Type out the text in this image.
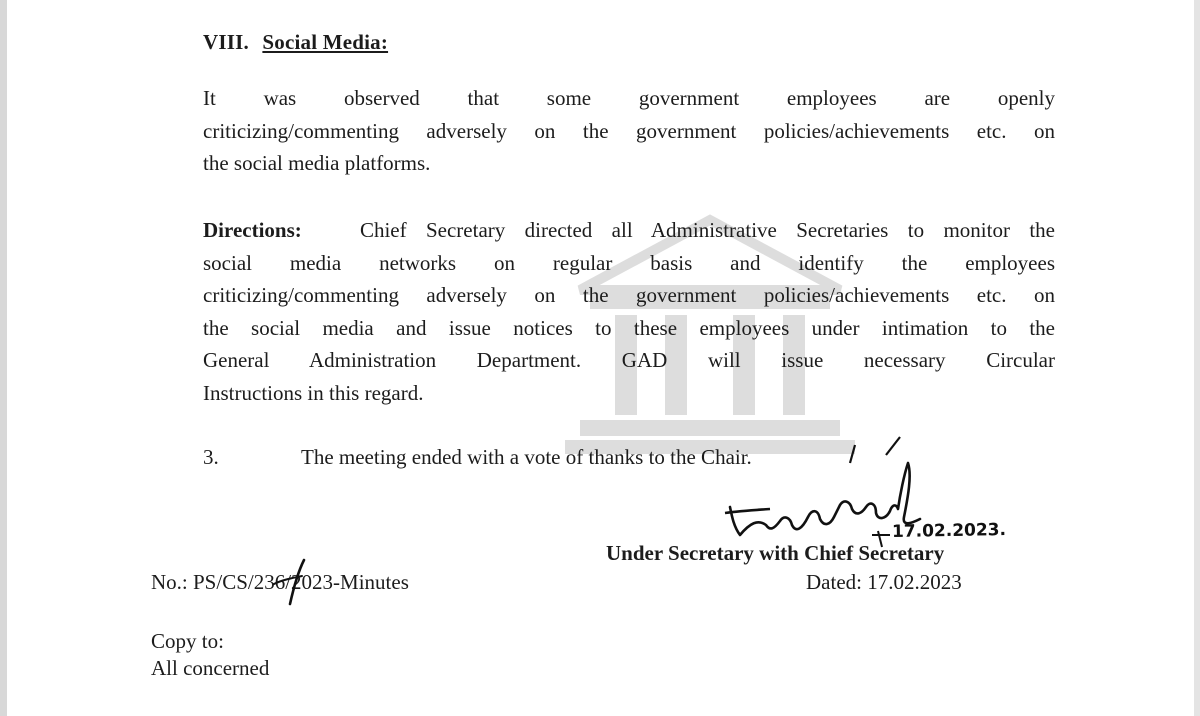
VIII. Social Media:
It was observed that some government employees are openly
criticizing/commenting adversely on the government policies/achievements etc. on
the social media platforms.
Directions:	Chief Secretary directed all Administrative Secretaries to monitor the
social media networks on regular basis and identify the employees
criticizing/commenting adversely on the government policies/achievements etc. on
the social media and issue notices to these employees under intimation to the
General Administration Department. GAD will issue necessary Circular
Instructions in this regard.
3.	The meeting ended with a vote of thanks to the Chair.
17.02.2023.
Under Secretary with Chief Secretary
Dated: 17.02.2023
No.: PS/CS/236/2023-Minutes
Copy to:
All concerned
